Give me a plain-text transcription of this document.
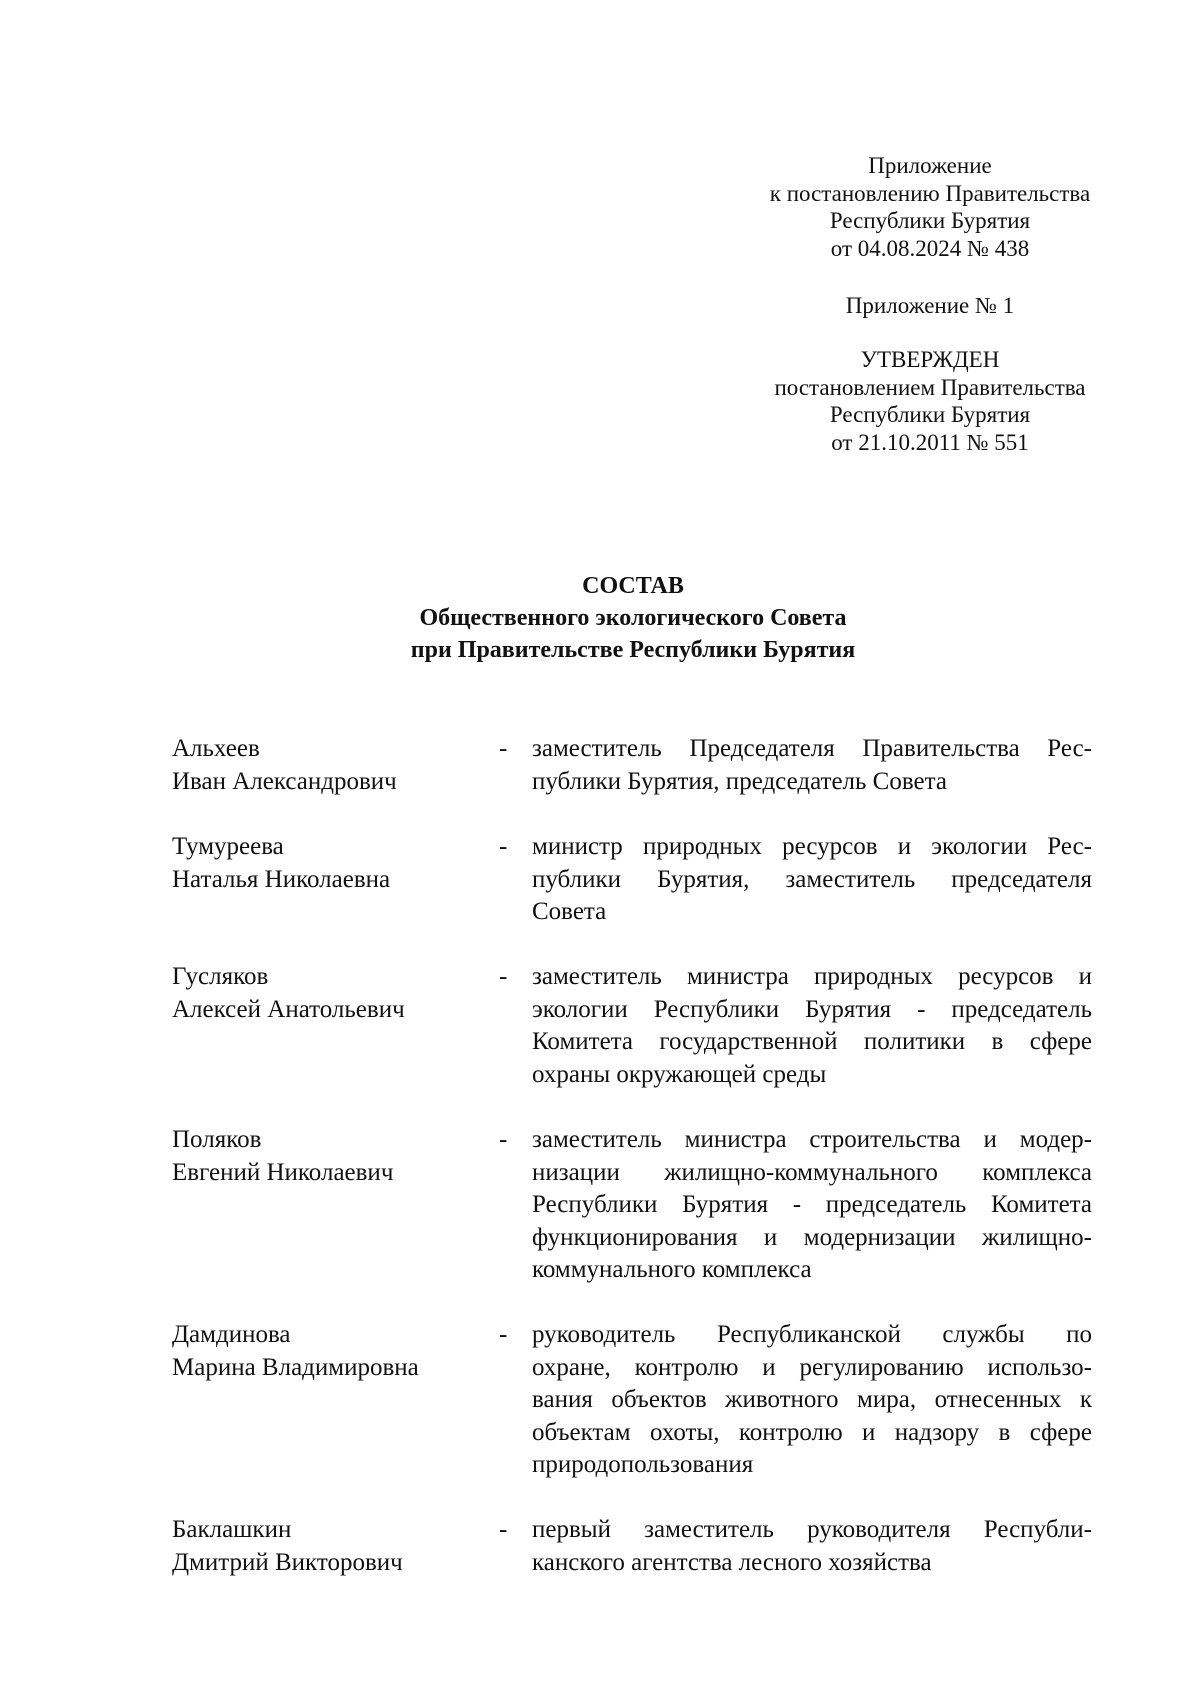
Приложение
к постановлению Правительства
Республики Бурятия
от 04.08.2024 № 438
Приложение № 1
УТВЕРЖДЕН
постановлением Правительства
Республики Бурятия
от 21.10.2011 № 551
СОСТАВ
Общественного экологического Совета
при Правительстве Республики Бурятия
Альхеев
Иван Александрович
- заместитель Председателя Правительства Рес-
публики Бурятия, председатель Совета
Тумуреева
Наталья Николаевна
- министр природных ресурсов и экологии Рес-
публики Бурятия, заместитель председателя
Совета
Гусляков
Алексей Анатольевич
- заместитель министра природных ресурсов и
экологии Республики Бурятия - председатель
Комитета государственной политики в сфере
охраны окружающей среды
Поляков
Евгений Николаевич
- заместитель министра строительства и модер-
низации жилищно-коммунального комплекса
Республики Бурятия - председатель Комитета
функционирования и модернизации жилищно-
коммунального комплекса
Дамдинова
Марина Владимировна
- руководитель Республиканской службы по
охране, контролю и регулированию использо-
вания объектов животного мира, отнесенных к
объектам охоты, контролю и надзору в сфере
природопользования
Баклашкин
Дмитрий Викторович
- первый заместитель руководителя Республи-
канского агентства лесного хозяйства
